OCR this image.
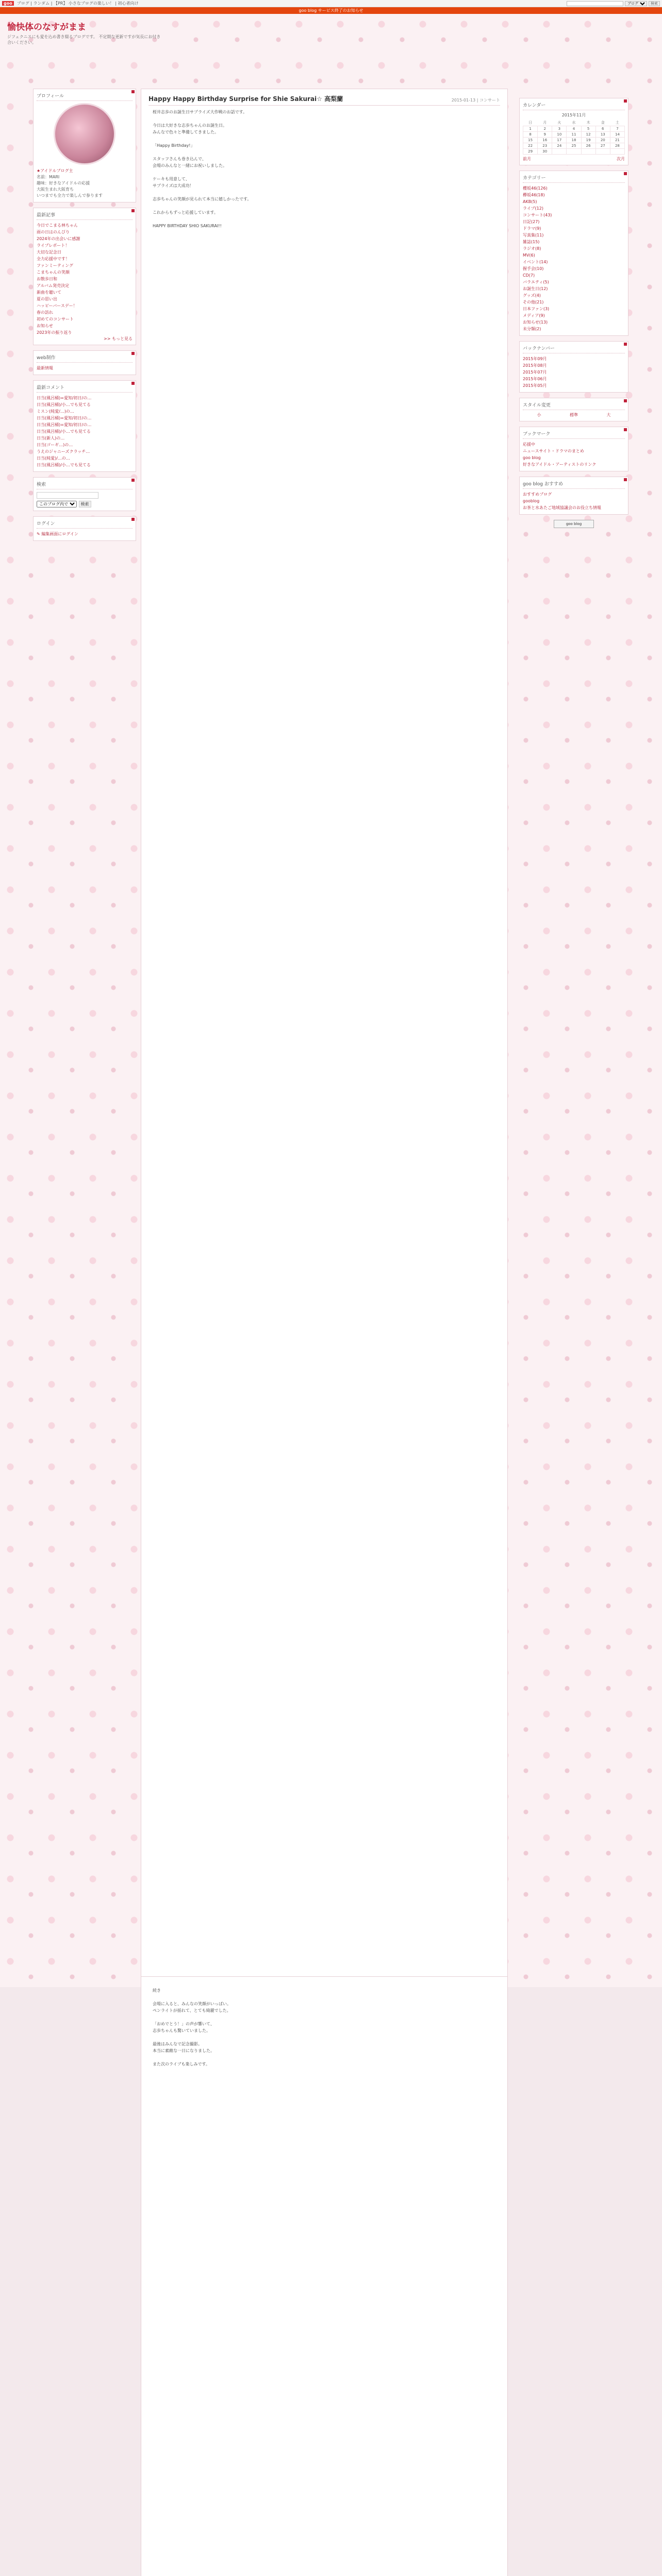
goo	ブログ | ランダム | 【PR】 小さなブログの楽しい！ | 初心者向け
ブログ	検索
goo blog サービス終了のお知らせ
愉快体のなすがまま
ジフェクニスにも愛を込め書き綴るブログです。 不定期な更新ですが気長にお付き合いください。
プロフィール
★アイドルブログ主
名前：MARI
趣味：好きなアイドルの応援
大阪生まれ大阪育ち
いつまでも全力で楽しんで参ります
最新記事
今日でこまる林ちゃん
雨の日はのんびり
2024年の出会いに感謝
ライブレポート！
大切な記念日
全力応援中です！
ファンミーティング
こまちゃんの笑顔
お散歩日和
アルバム発売決定
新曲を聴いて
夏の思い出
ハッピーバースデー！
春の訪れ
初めてのコンサート
お知らせ
2023年の振り返り
>> もっと見る
web制作
最新情報
最新コメント
日当(風呂桶)=愛知/初日/の…
日当(風呂桶)/小…でも見てる
ミスン(純愛/…)の…
日当(風呂桶)=愛知/初日/の…
日当(風呂桶)=愛知/初日/の…
日当(風呂桶)/小…でも見てる
日当(新人)の…
日当(ゴーギ…)の…
うえのジャニーズクラッチ…
日当(純愛)/…の…
日当(風呂桶)/小…でも見てる
検索
このブログ内で 検索
ログイン
✎ 編集画面にログイン
Happy Happy Birthday Surprise for Shie Sakurai☆ 高梨蘭	2015-01-13 | コンサート
桜井志歩のお誕生日サプライズ大作戦のお話です。

今日は大好きな志歩ちゃんのお誕生日。
みんなで色々と準備してきました。

「Happy Birthday!」

スタッフさんも巻き込んで、
会場のみんなと一緒にお祝いしました。

ケーキも用意して、
サプライズは大成功！

志歩ちゃんの笑顔が見られて本当に嬉しかったです。

これからもずっと応援しています。

HAPPY BIRTHDAY SHIO SAKURAI!!
続き

会場に入ると、みんなの笑顔がいっぱい。
ペンライトが揺れて、とても綺麗でした。

「おめでとう！」の声が響いて、
志歩ちゃんも驚いていました。

最後はみんなで記念撮影。
本当に素敵な一日になりました。

また次のライブも楽しみです。
カレンダー
2015年11月
日	月	火	水	木	金	土
1	2	3	4	5	6	7
8	9	10	11	12	13	14
15	16	17	18	19	20	21
22	23	24	25	26	27	28
29	30					
前月	次月
カテゴリー
櫻坂46(126)
欅坂46(18)
AKB(5)
ライブ(12)
コンサート(43)
日記(27)
ドラマ(9)
写真集(11)
雑誌(15)
ラジオ(8)
MV(6)
イベント(14)
握手会(10)
CD(7)
バラエティ(5)
お誕生日(12)
グッズ(4)
その他(21)
日本ファン(3)
メディア(9)
お知らせ(13)
未分類(2)
バックナンバー
2015年09月
2015年08月
2015年07月
2015年06月
2015年05月
スタイル変更
小	標準	大
ブックマーク
応援中
ニュースサイト・ドラマのまとめ
goo blog
好きなアイドル・アーティストのリンク
goo blog おすすめ
おすすめブログ
gooblog
お茶と水あたご地域協議会のお役立ち情報
goo blog
